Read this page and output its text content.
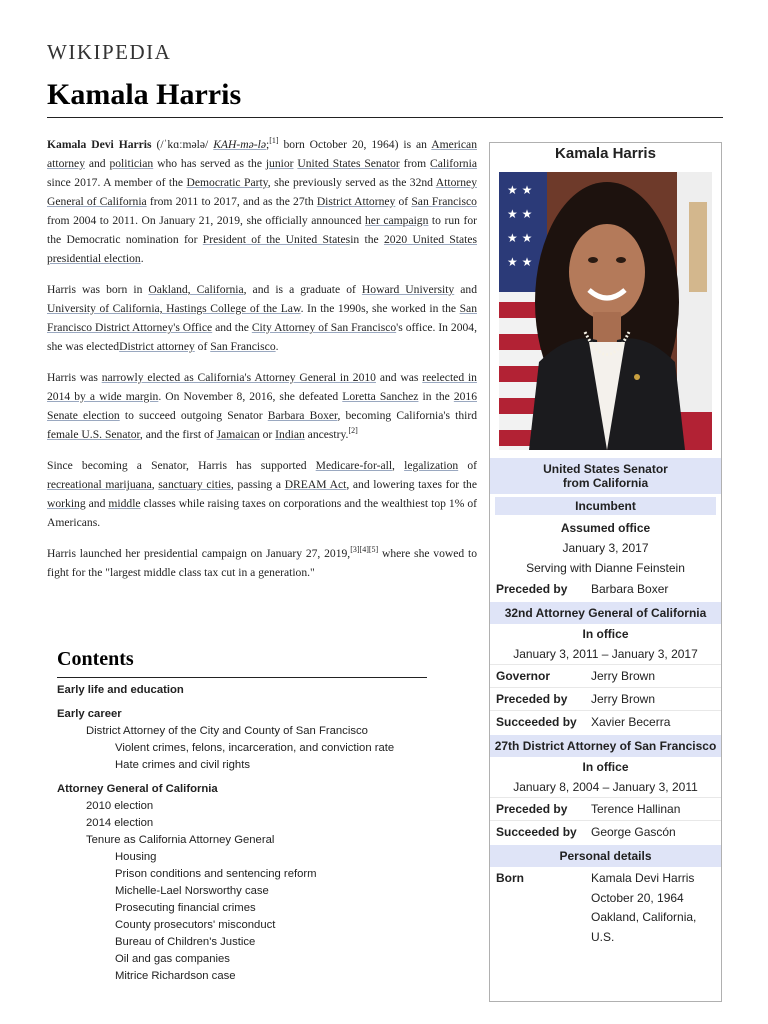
WIKIPEDIA
Kamala Harris

Kamala Devi Harris (/ˈkɑːmələ/ KAH-mə-lə;[1] born October 20, 1964) is an American attorney and politician who has served as the junior United States Senator from California since 2017. A member of the Democratic Party, she previously served as the 32nd Attorney General of California from 2011 to 2017, and as the 27th District Attorney of San Francisco from 2004 to 2011. On January 21, 2019, she officially announced her campaign to run for the Democratic nomination for President of the United Statesin the 2020 United States presidential election.

Harris was born in Oakland, California, and is a graduate of Howard University and University of California, Hastings College of the Law. In the 1990s, she worked in the San Francisco District Attorney's Office and the City Attorney of San Francisco's office. In 2004, she was electedDistrict attorney of San Francisco.

Harris was narrowly elected as California's Attorney General in 2010 and was reelected in 2014 by a wide margin. On November 8, 2016, she defeated Loretta Sanchez in the 2016 Senate election to succeed outgoing Senator Barbara Boxer, becoming California's third female U.S. Senator, and the first of Jamaican or Indian ancestry.[2]

Since becoming a Senator, Harris has supported Medicare-for-all, legalization of recreational marijuana, sanctuary cities, passing a DREAM Act, and lowering taxes for the working and middle classes while raising taxes on corporations and the wealthiest top 1% of Americans.

Harris launched her presidential campaign on January 27, 2019,[3][4][5] where she vowed to fight for the "largest middle class tax cut in a generation."

Contents
Early life and education
Early career
District Attorney of the City and County of San Francisco
Violent crimes, felons, incarceration, and conviction rate
Hate crimes and civil rights
Attorney General of California
2010 election
2014 election
Tenure as California Attorney General
Housing
Prison conditions and sentencing reform
Michelle-Lael Norsworthy case
Prosecuting financial crimes
County prosecutors' misconduct
Bureau of Children's Justice
Oil and gas companies
Mitrice Richardson case
Kamala Harris
★ ★
★ ★
★ ★
★ ★
United States Senator
from California
Incumbent
Assumed office
January 3, 2017
Serving with Dianne Feinstein
Preceded by	Barbara Boxer
32nd Attorney General of California
In office
January 3, 2011 – January 3, 2017
Governor	Jerry Brown
Preceded by	Jerry Brown
Succeeded by	Xavier Becerra
27th District Attorney of San Francisco
In office
January 8, 2004 – January 3, 2011
Preceded by	Terence Hallinan
Succeeded by	George Gascón
Personal details
Born	Kamala Devi Harris
October 20, 1964
Oakland, California, U.S.
